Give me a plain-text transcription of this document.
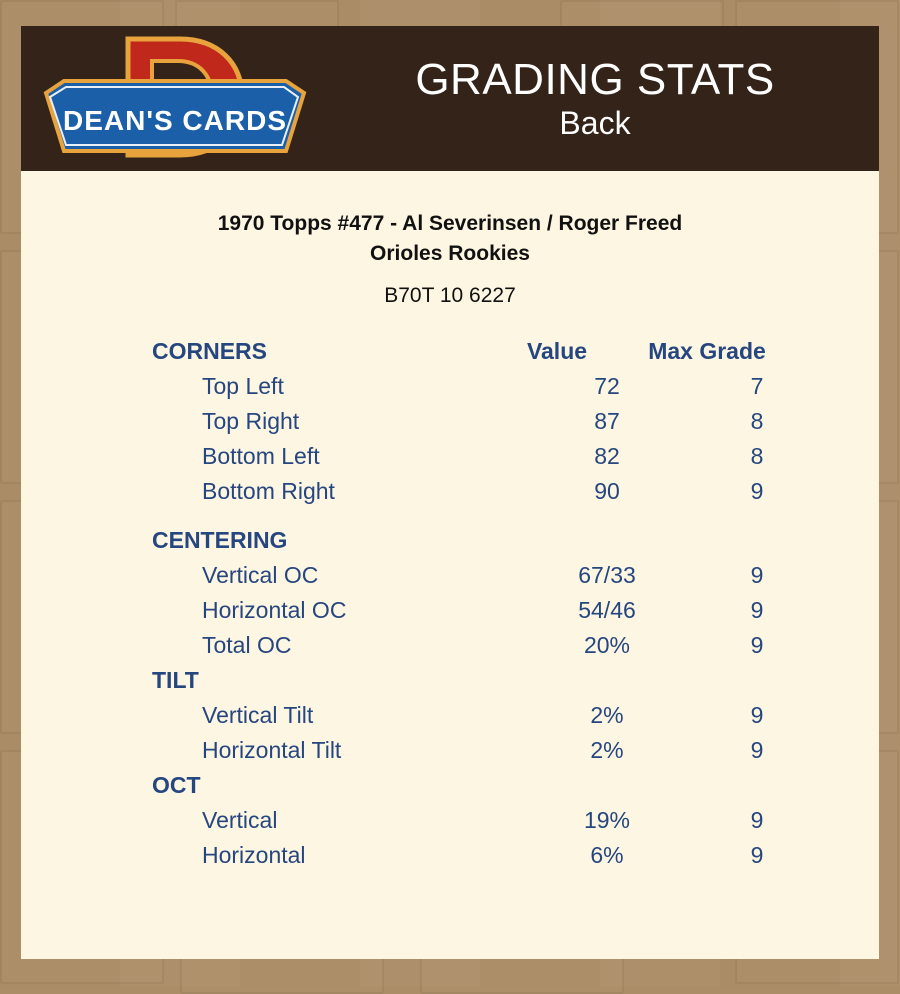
DEAN'S CARDS
GRADING STATS
Back
1970 Topps #477 - Al Severinsen / Roger Freed
Orioles Rookies
B70T 10 6227
CORNERS	Value	Max Grade
Top Left	72	7
Top Right	87	8
Bottom Left	82	8
Bottom Right	90	9
CENTERING
Vertical OC	67/33	9
Horizontal OC	54/46	9
Total OC	20%	9
TILT
Vertical Tilt	2%	9
Horizontal Tilt	2%	9
OCT
Vertical	19%	9
Horizontal	6%	9
